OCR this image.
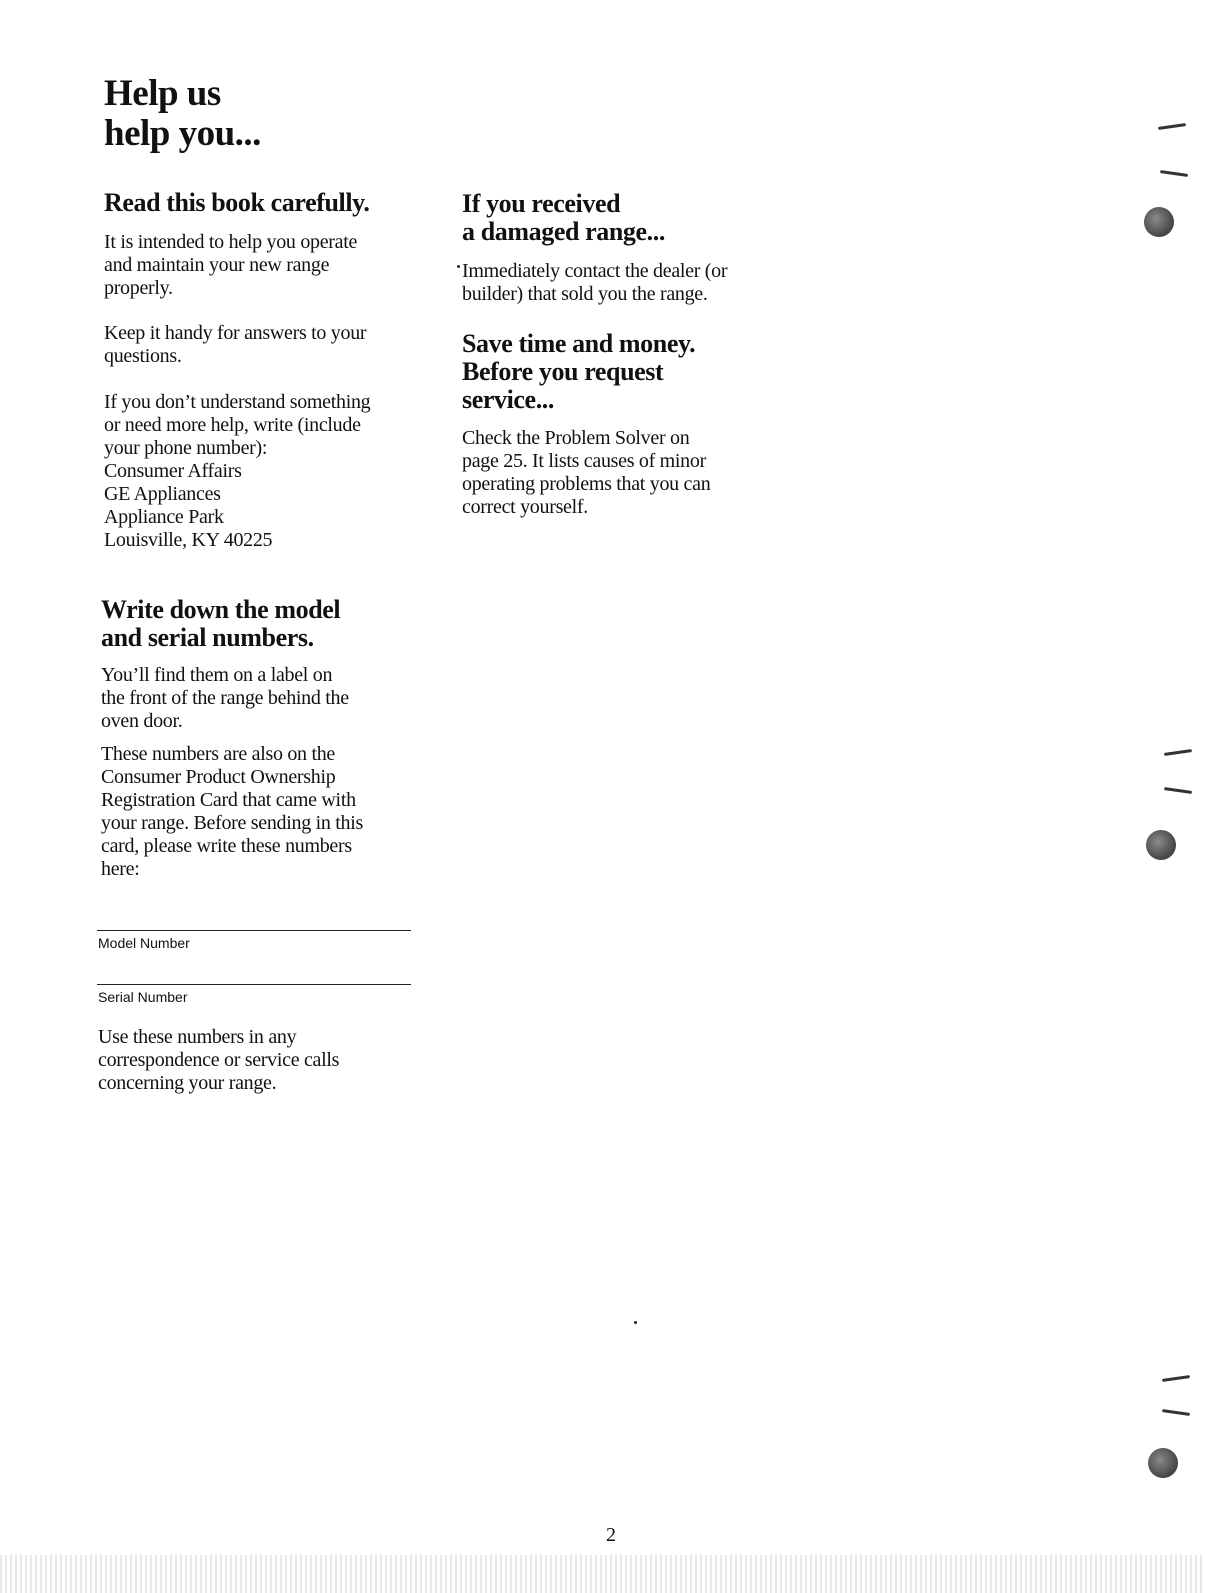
Help us
help you...
Read this book carefully.

It is intended to help you operate
and maintain your new range
properly.

Keep it handy for answers to your
questions.

If you don’t understand something
or need more help, write (include
your phone number):

Consumer Affairs
GE Appliances
Appliance Park
Louisville, KY 40225

If you received
a damaged range...

Immediately contact the dealer (or
builder) that sold you the range.

Save time and money.
Before you request
service...

Check the Problem Solver on
page 25. It lists causes of minor
operating problems that you can
correct yourself.

Write down the model
and serial numbers.

You’ll find them on a label on
the front of the range behind the
oven door.

These numbers are also on the
Consumer Product Ownership
Registration Card that came with
your range. Before sending in this
card, please write these numbers
here:

Model Number
Serial Number

Use these numbers in any
correspondence or service calls
concerning your range.

2
